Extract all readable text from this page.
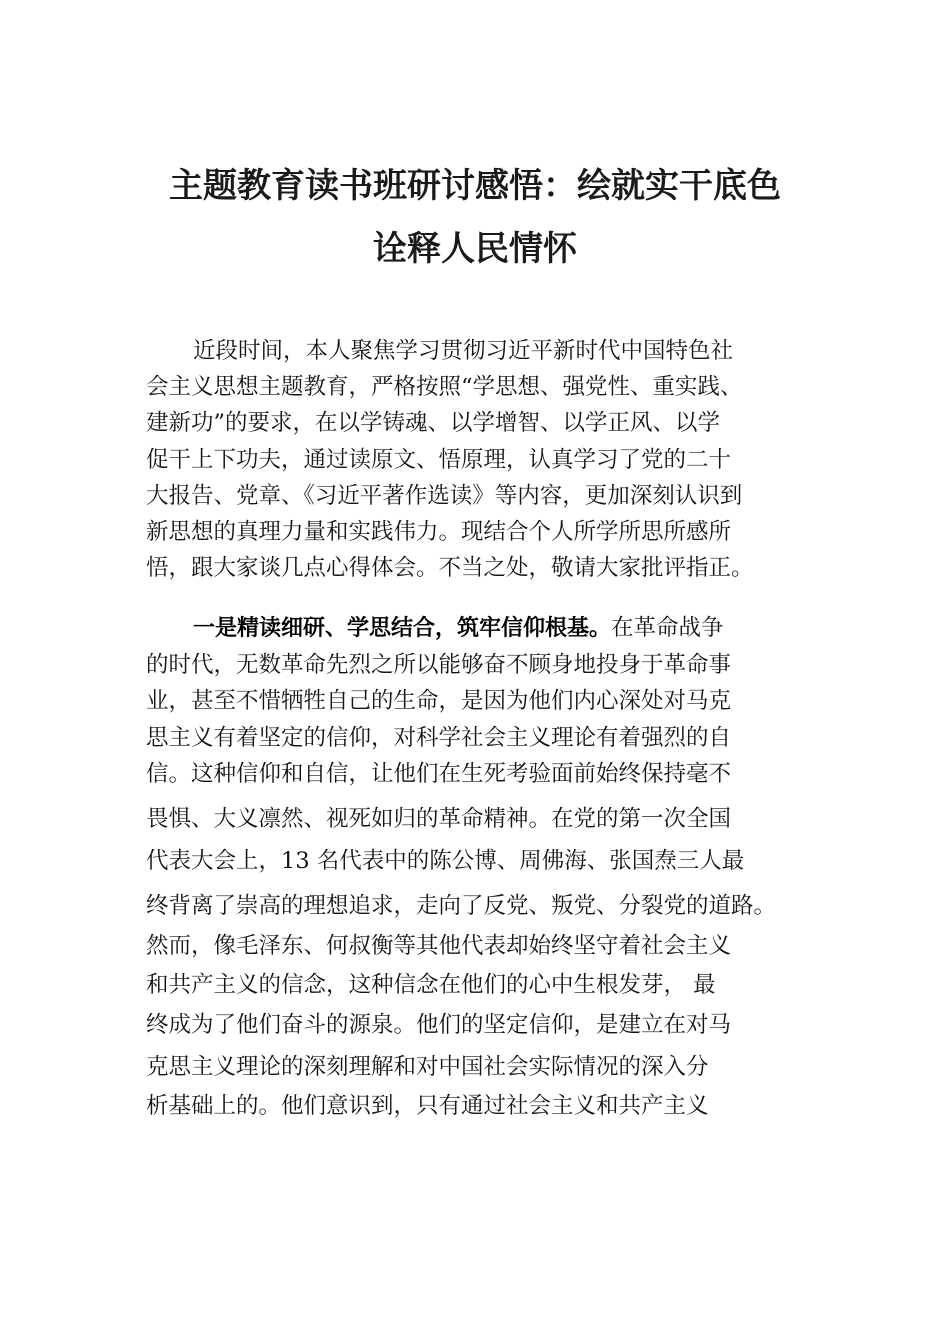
主题教育读书班研讨感悟：绘就实干底色
诠释人民情怀
近段时间，本人聚焦学习贯彻习近平新时代中国特色社
会主义思想主题教育，严格按照“学思想、强党性、重实践、
建新功”的要求，在以学铸魂、以学增智、以学正风、以学
促干上下功夫，通过读原文、悟原理，认真学习了党的二十
大报告、党章、《习近平著作选读》等内容，更加深刻认识到
新思想的真理力量和实践伟力。现结合个人所学所思所感所
悟，跟大家谈几点心得体会。不当之处，敬请大家批评指正。
一是精读细研、学思结合，筑牢信仰根基。在革命战争
的时代，无数革命先烈之所以能够奋不顾身地投身于革命事
业，甚至不惜牺牲自己的生命，是因为他们内心深处对马克
思主义有着坚定的信仰，对科学社会主义理论有着强烈的自
信。这种信仰和自信，让他们在生死考验面前始终保持毫不
畏惧、大义凛然、视死如归的革命精神。在党的第一次全国
代表大会上，13 名代表中的陈公博、周佛海、张国焘三人最
终背离了崇高的理想追求，走向了反党、叛党、分裂党的道路。
然而，像毛泽东、何叔衡等其他代表却始终坚守着社会主义
和共产主义的信念，这种信念在他们的心中生根发芽， 最
终成为了他们奋斗的源泉。他们的坚定信仰，是建立在对马
克思主义理论的深刻理解和对中国社会实际情况的深入分
析基础上的。他们意识到，只有通过社会主义和共产主义
